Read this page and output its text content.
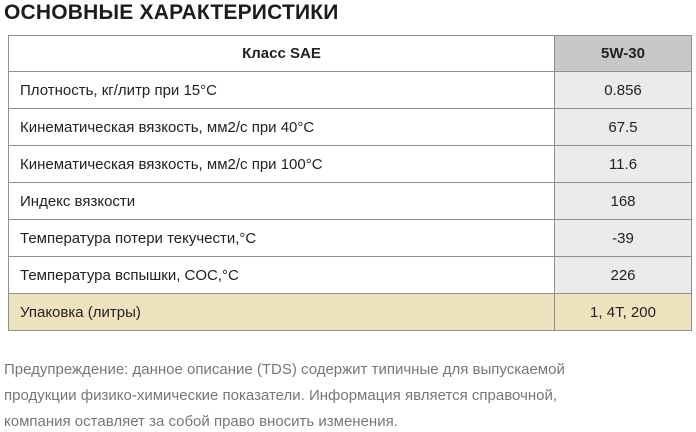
ОСНОВНЫЕ ХАРАКТЕРИСТИКИ
Класс SAE	5W-30
Плотность, кг/литр при 15°C	0.856
Кинематическая вязкость, мм2/с при 40°C	67.5
Кинематическая вязкость, мм2/с при 100°C	11.6
Индекс вязкости	168
Температура потери текучести,°C	-39
Температура вспышки, COC,°C	226
Упаковка (литры)	1, 4Т, 200
Предупреждение: данное описание (TDS) содержит типичные для выпускаемой
продукции физико-химические показатели. Информация является справочной,
компания оставляет за собой право вносить изменения.
